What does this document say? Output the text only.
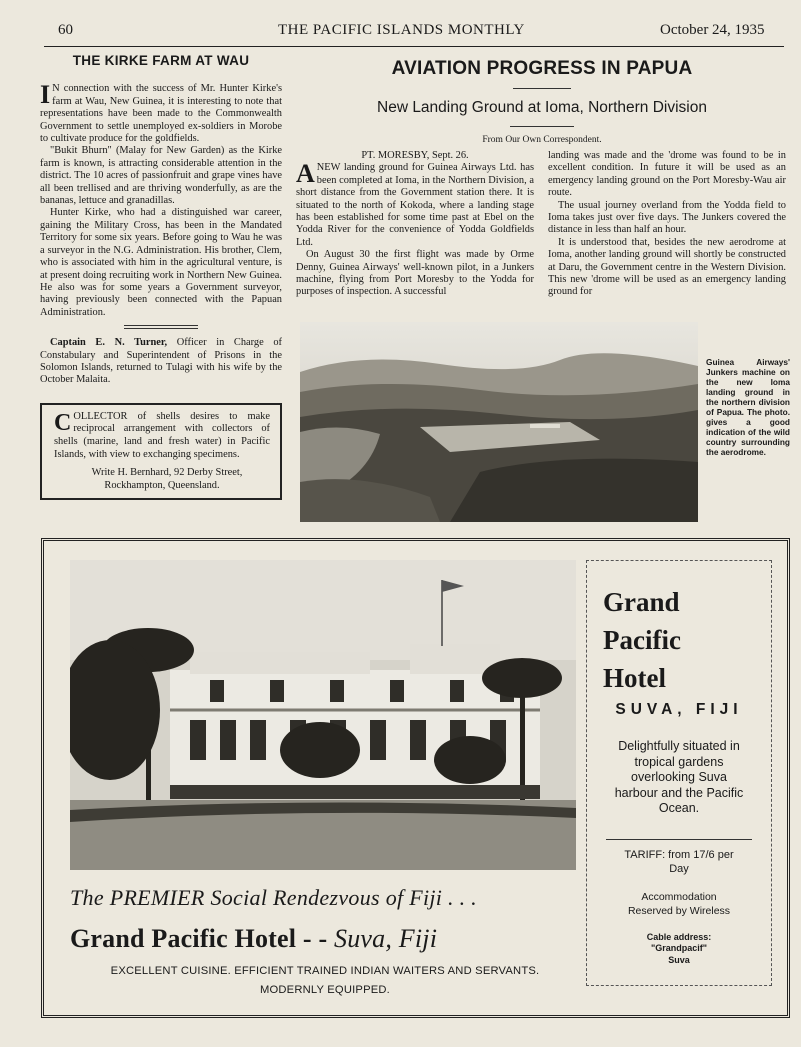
60	THE PACIFIC ISLANDS MONTHLY	October 24, 1935
THE KIRKE FARM AT WAU

I N connection with the success of Mr. Hunter Kirke's farm at Wau, New Guinea, it is interesting to note that representations have been made to the Commonwealth Government to settle unemployed ex-soldiers in Morobe to cultivate produce for the goldfields.

"Bukit Bhurn" (Malay for New Garden) as the Kirke farm is known, is attracting considerable attention in the district. The 10 acres of passionfruit and grape vines have all been trellised and are thriving wonderfully, as are the bananas, lettuce and granadillas.

Hunter Kirke, who had a distinguished war career, gaining the Military Cross, has been in the Mandated Territory for some six years. Before going to Wau he was a surveyor in the N.G. Administration. His brother, Clem, who is associated with him in the agricultural venture, is at present doing recruiting work in Northern New Guinea. He also was for some years a Government surveyor, having previously been connected with the Papuan Administration.

Captain E. N. Turner, Officer in Charge of Constabulary and Superintendent of Prisons in the Solomon Islands, returned to Tulagi with his wife by the October Malaita.

COLLECTOR of shells desires to make reciprocal arrangement with collectors of shells (marine, land and fresh water) in Pacific Islands, with view to exchanging specimens.

Write H. Bernhard, 92 Derby Street, Rockhampton, Queensland.

AVIATION PROGRESS IN PAPUA
New Landing Ground at Ioma, Northern Division
From Our Own Correspondent.

PT. MORESBY, Sept. 26.

ANEW landing ground for Guinea Airways Ltd. has been completed at Ioma, in the Northern Division, a short distance from the Government station there. It is situated to the north of Kokoda, where a landing stage has been established for some time past at Ebel on the Yodda River for the convenience of Yodda Goldfields Ltd.

On August 30 the first flight was made by Orme Denny, Guinea Airways' well-known pilot, in a Junkers machine, flying from Port Moresby to the Yodda for purposes of inspection. A successful

landing was made and the 'drome was found to be in excellent condition. In future it will be used as an emergency landing ground on the Port Moresby-Wau air route.

The usual journey overland from the Yodda field to Ioma takes just over five days. The Junkers covered the distance in less than half an hour.

It is understood that, besides the new aerodrome at Ioma, another landing ground will shortly be constructed at Daru, the Government centre in the Western Division. This new 'drome will be used as an emergency landing ground for

Guinea Airways' Junkers machine on the new Ioma landing ground in the northern division of Papua. The photo. gives a good indication of the wild country surrounding the aerodrome.
Grand
Pacific
Hotel
SUVA, FIJI
Delightfully situated in tropical gardens overlooking Suva harbour and the Pacific Ocean.
TARIFF: from 17/6 per Day
Accommodation Reserved by Wireless
Cable address:
"Grandpacif"
Suva
The PREMIER Social Rendezvous of Fiji . . .
Grand Pacific Hotel - - Suva, Fiji
EXCELLENT CUISINE. EFFICIENT TRAINED INDIAN WAITERS AND SERVANTS.
MODERNLY EQUIPPED.
